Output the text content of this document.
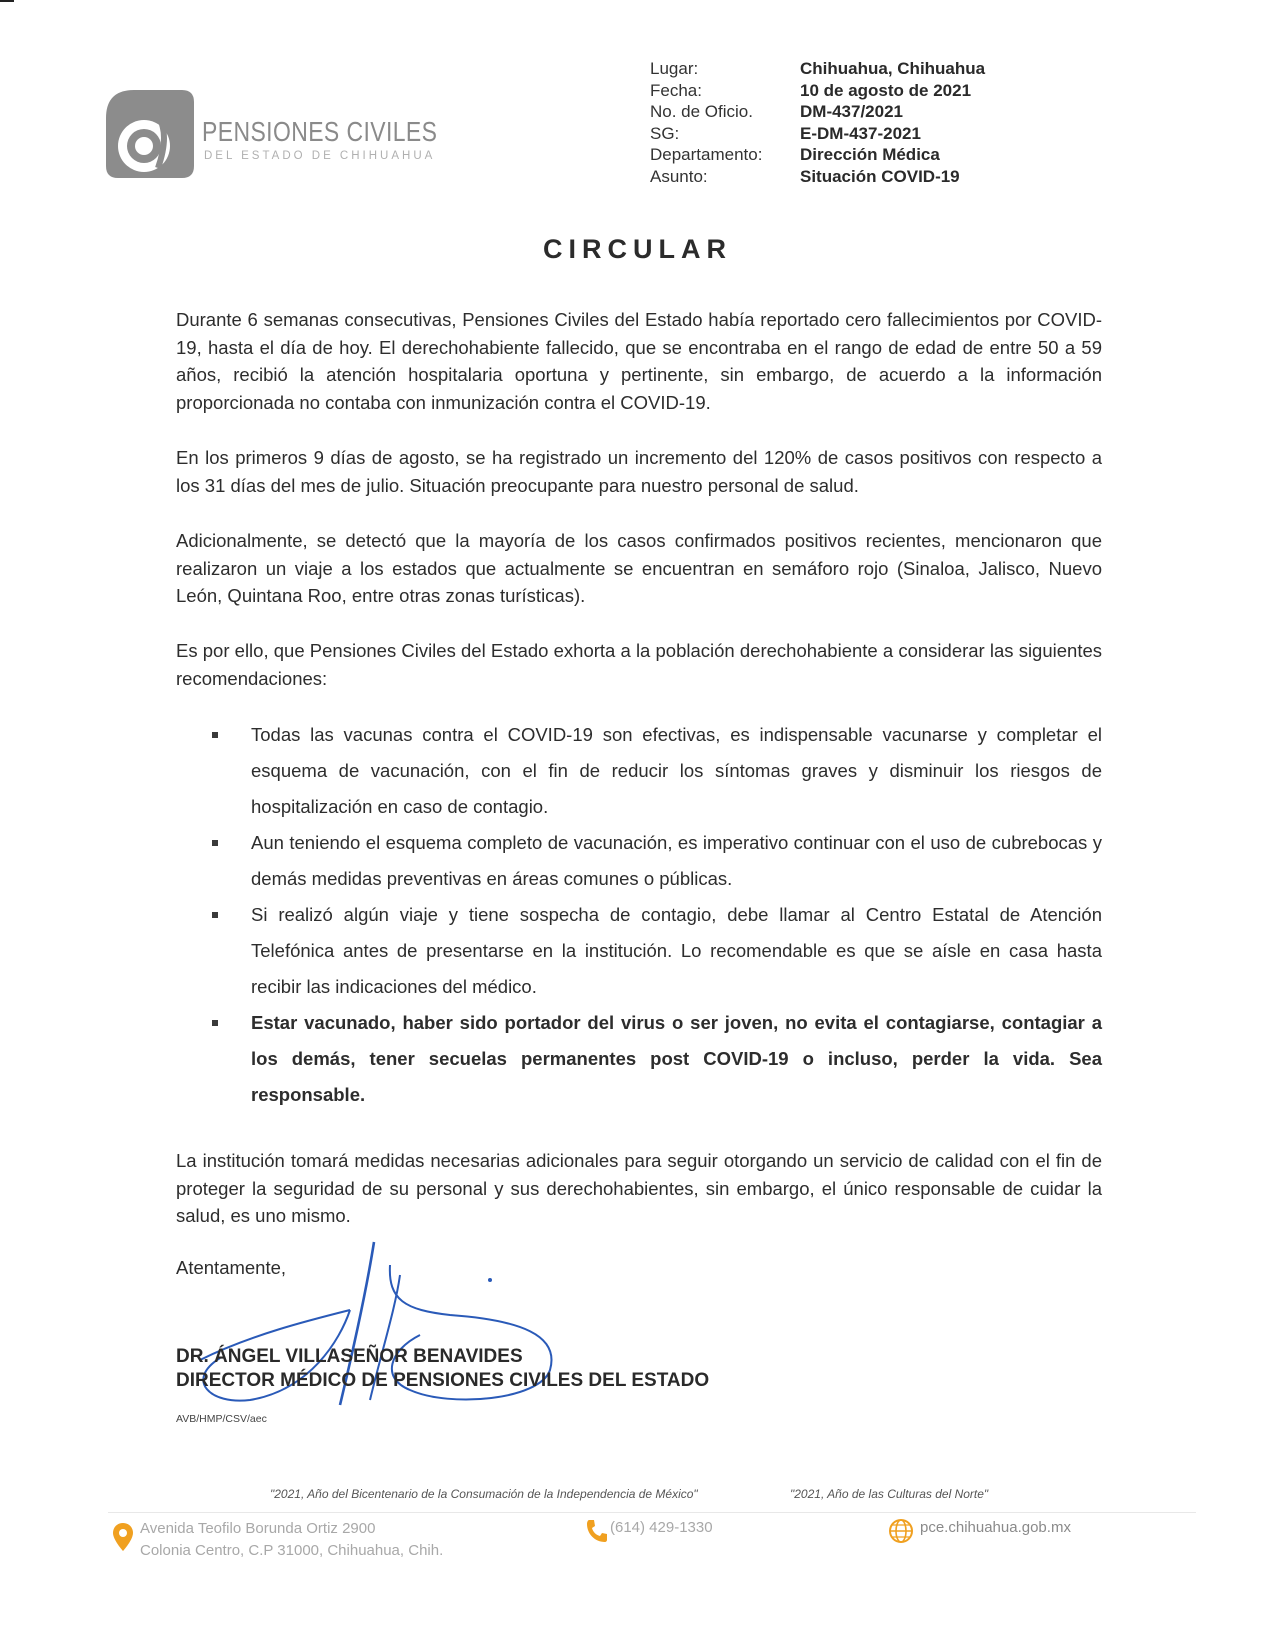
PENSIONES CIVILES
DEL ESTADO DE CHIHUAHUA
Lugar:	Chihuahua, Chihuahua
Fecha:	10 de agosto de 2021
No. de Oficio.	DM-437/2021
SG:	E-DM-437-2021
Departamento:	Dirección Médica
Asunto:	Situación COVID-19
CIRCULAR
Durante 6 semanas consecutivas, Pensiones Civiles del Estado había reportado cero fallecimientos por COVID-19, hasta el día de hoy. El derechohabiente fallecido, que se encontraba en el rango de edad de entre 50 a 59 años, recibió la atención hospitalaria oportuna y pertinente, sin embargo, de acuerdo a la información proporcionada no contaba con inmunización contra el COVID-19.
En los primeros 9 días de agosto, se ha registrado un incremento del 120% de casos positivos con respecto a los 31 días del mes de julio. Situación preocupante para nuestro personal de salud.
Adicionalmente, se detectó que la mayoría de los casos confirmados positivos recientes, mencionaron que realizaron un viaje a los estados que actualmente se encuentran en semáforo rojo (Sinaloa, Jalisco, Nuevo León, Quintana Roo, entre otras zonas turísticas).
Es por ello, que Pensiones Civiles del Estado exhorta a la población derechohabiente a considerar las siguientes recomendaciones:
Todas las vacunas contra el COVID-19 son efectivas, es indispensable vacunarse y completar el esquema de vacunación, con el fin de reducir los síntomas graves y disminuir los riesgos de hospitalización en caso de contagio.
Aun teniendo el esquema completo de vacunación, es imperativo continuar con el uso de cubrebocas y demás medidas preventivas en áreas comunes o públicas.
Si realizó algún viaje y tiene sospecha de contagio, debe llamar al Centro Estatal de Atención Telefónica antes de presentarse en la institución. Lo recomendable es que se aísle en casa hasta recibir las indicaciones del médico.
Estar vacunado, haber sido portador del virus o ser joven, no evita el contagiarse, contagiar a los demás, tener secuelas permanentes post COVID-19 o incluso, perder la vida. Sea responsable.
La institución tomará medidas necesarias adicionales para seguir otorgando un servicio de calidad con el fin de proteger la seguridad de su personal y sus derechohabientes, sin embargo, el único responsable de cuidar la salud, es uno mismo.
Atentamente,
DR. ÁNGEL VILLASEÑOR BENAVIDES
DIRECTOR MÉDICO DE PENSIONES CIVILES DEL ESTADO
AVB/HMP/CSV/aec
"2021, Año del Bicentenario de la Consumación de la Independencia de México"	"2021, Año de las Culturas del Norte"
Avenida Teofilo Borunda Ortiz 2900
Colonia Centro, C.P 31000, Chihuahua, Chih.
(614) 429-1330	pce.chihuahua.gob.mx
